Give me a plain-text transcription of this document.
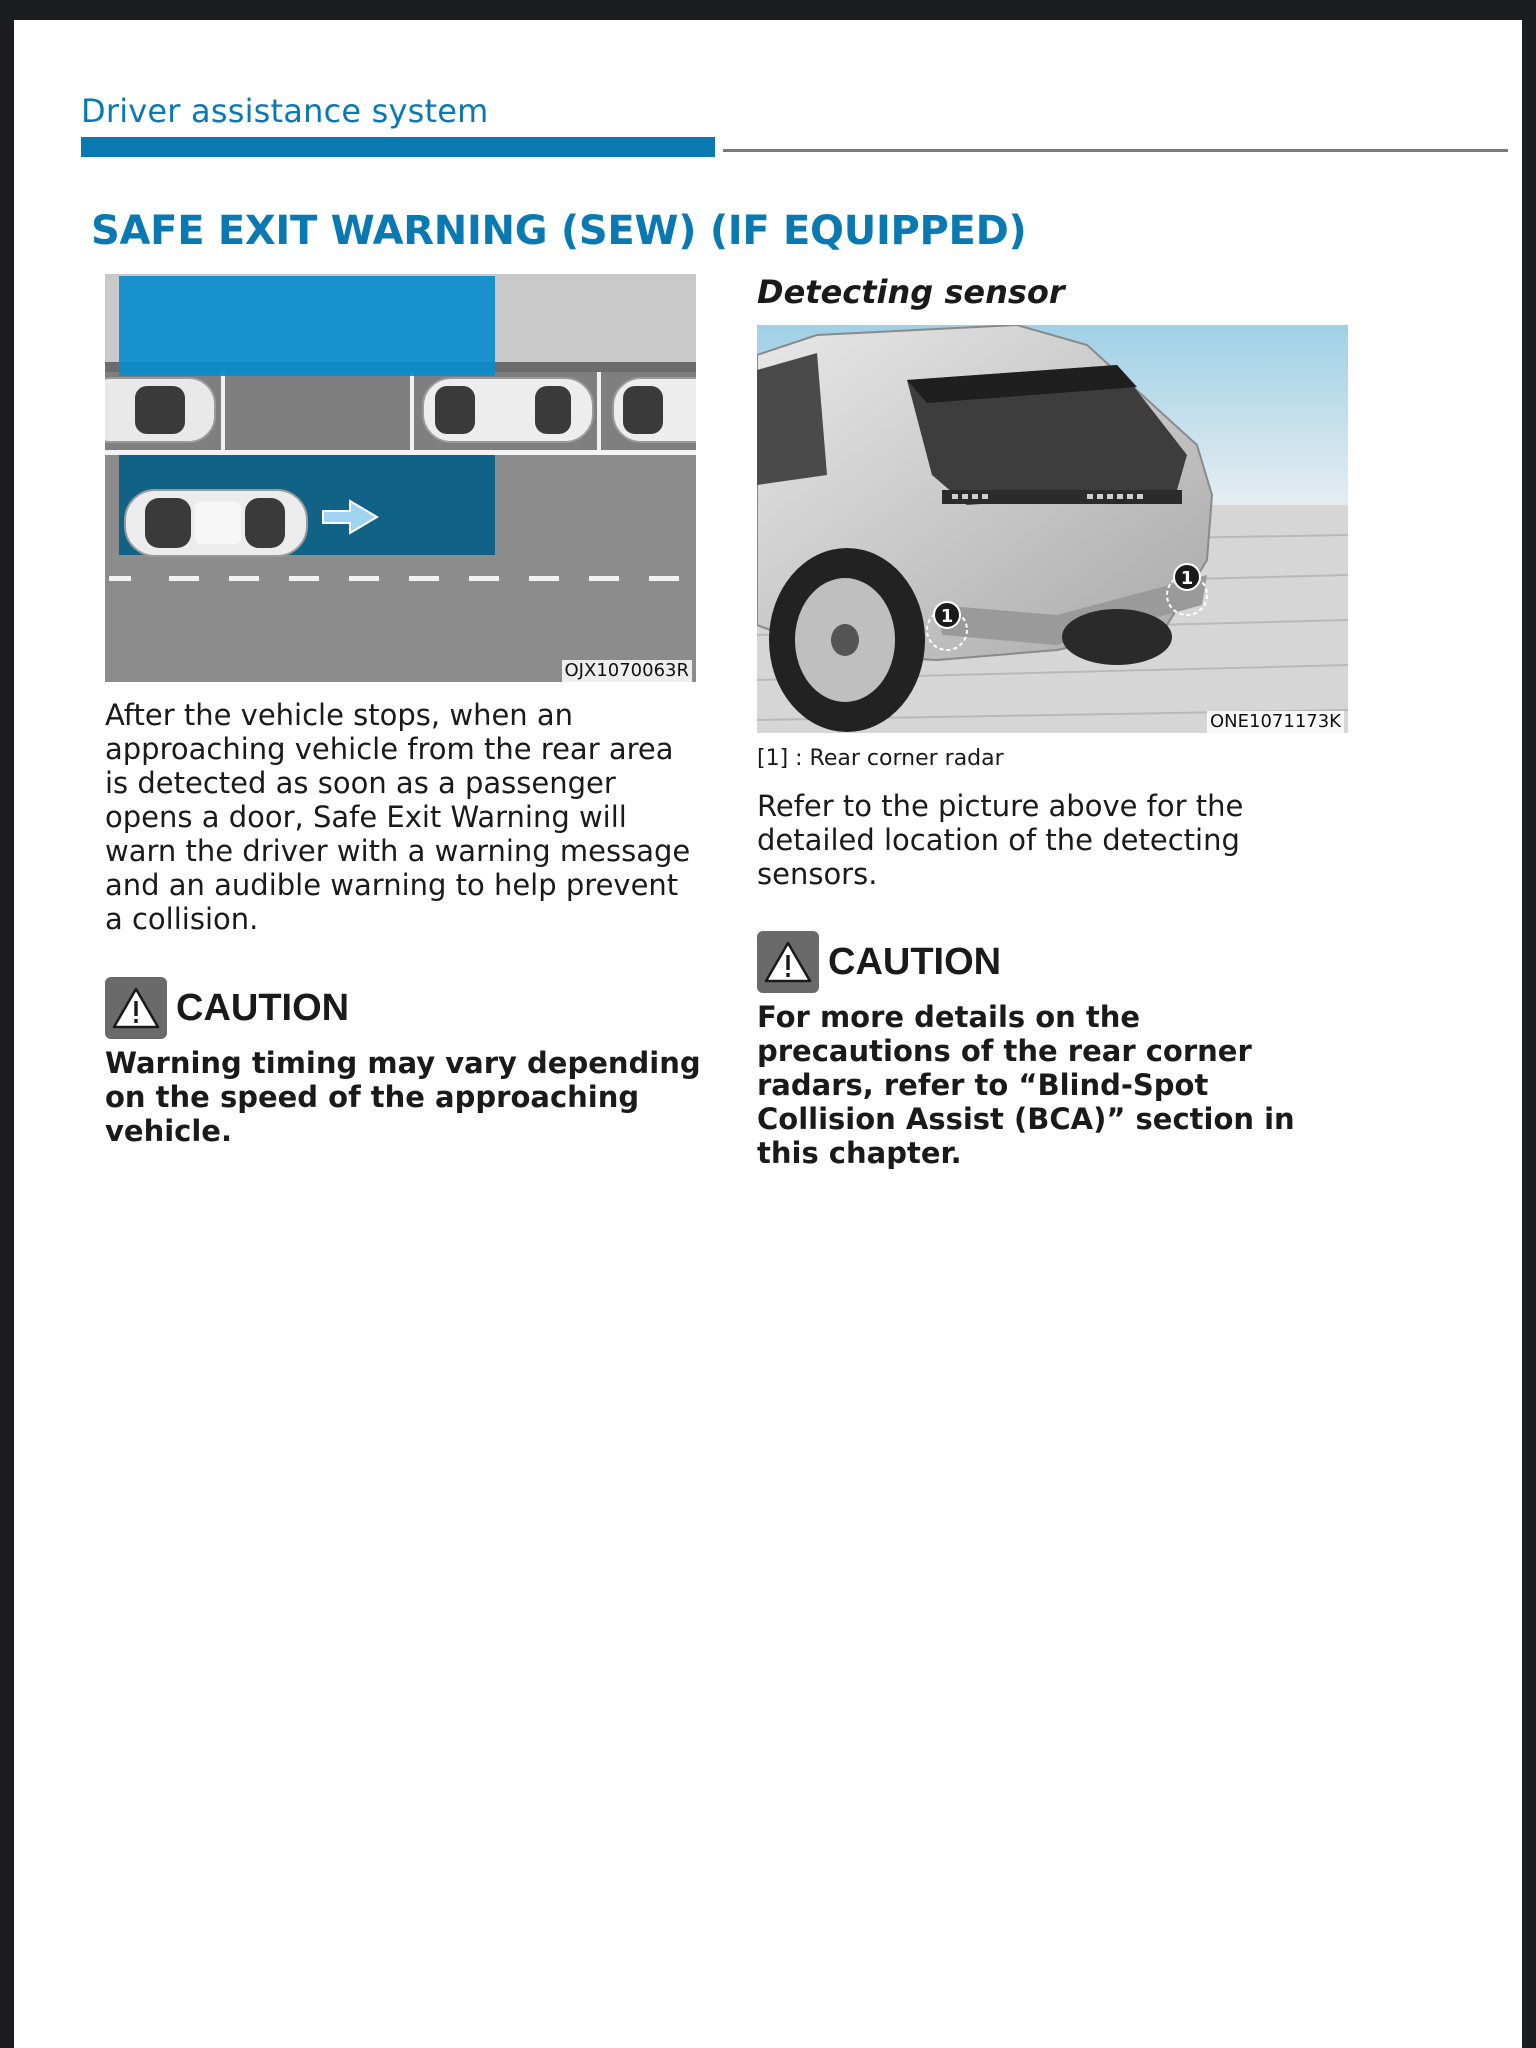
Driver assistance system
SAFE EXIT WARNING (SEW) (IF EQUIPPED)
OJX1070063R
After the vehicle stops, when an approaching vehicle from the rear area is detected as soon as a passenger opens a door, Safe Exit Warning will warn the driver with a warning message and an audible warning to help prevent a collision.
CAUTION
Warning timing may vary depending on the speed of the approaching vehicle.
Detecting sensor
1
1
ONE1071173K
[1] : Rear corner radar
Refer to the picture above for the detailed location of the detecting sensors.
CAUTION
For more details on the precautions of the rear corner radars, refer to “Blind-Spot Collision Assist (BCA)” section in this chapter.
